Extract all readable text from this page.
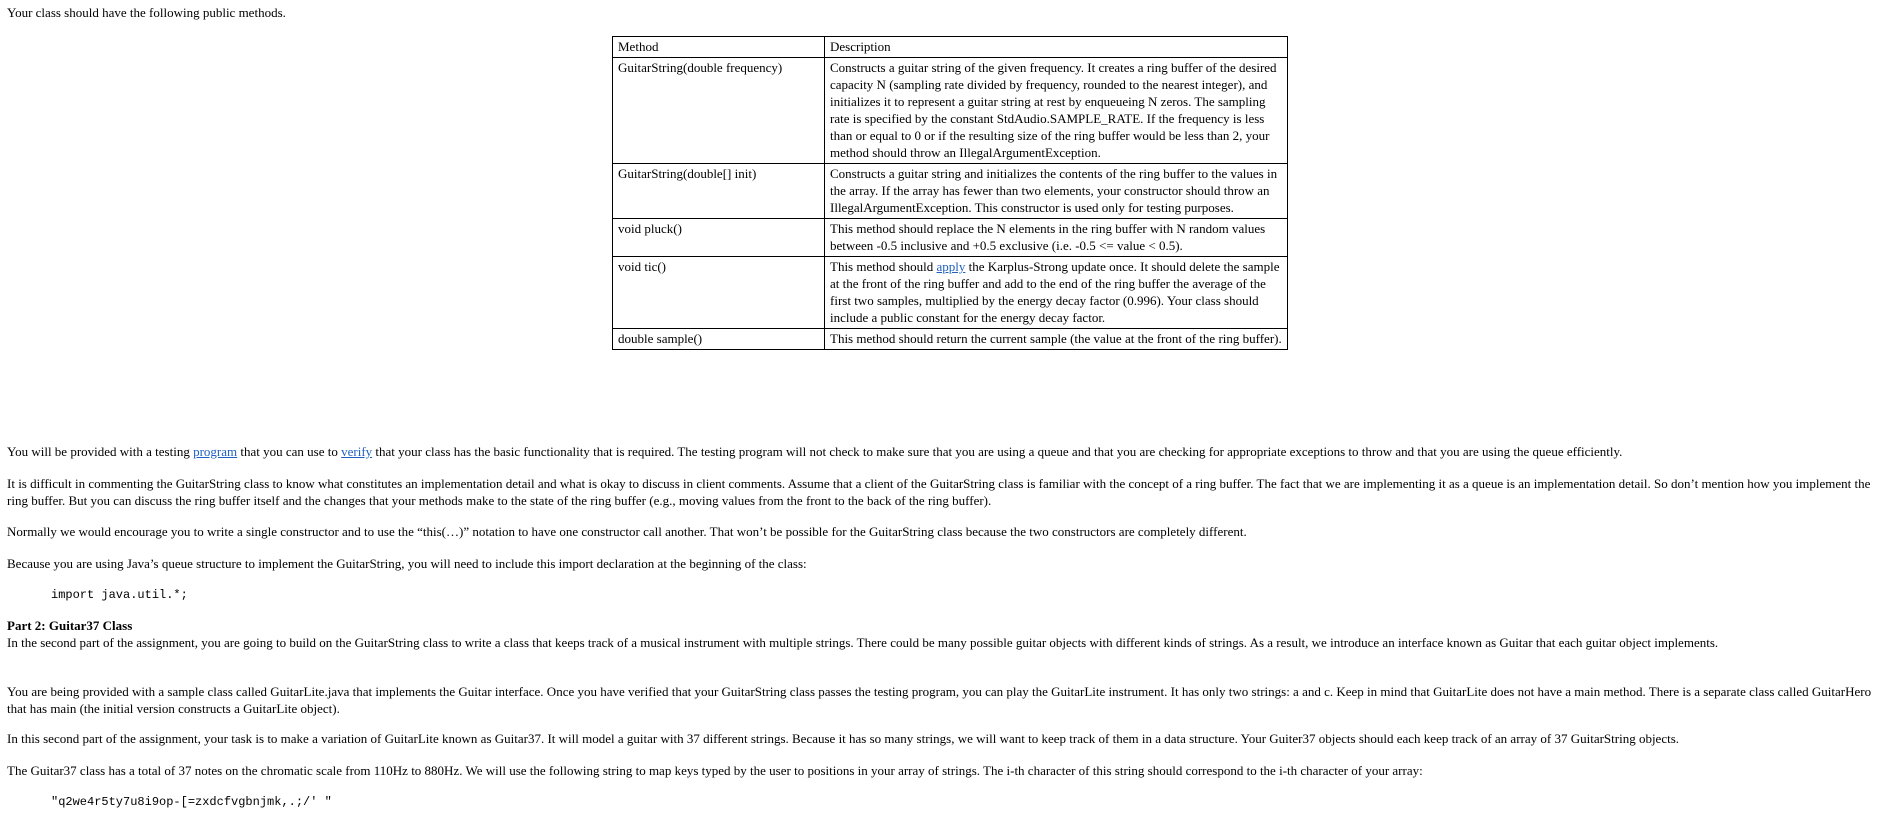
Your class should have the following public methods.

Method	Description
GuitarString(double frequency)	Constructs a guitar string of the given frequency. It creates a ring buffer of the desired capacity N (sampling rate divided by frequency, rounded to the nearest integer), and initializes it to represent a guitar string at rest by enqueueing N zeros. The sampling rate is specified by the constant StdAudio.SAMPLE_RATE. If the frequency is less than or equal to 0 or if the resulting size of the ring buffer would be less than 2, your method should throw an IllegalArgumentException.
GuitarString(double[] init)	Constructs a guitar string and initializes the contents of the ring buffer to the values in the array. If the array has fewer than two elements, your constructor should throw an IllegalArgumentException. This constructor is used only for testing purposes.
void pluck()	This method should replace the N elements in the ring buffer with N random values between -0.5 inclusive and +0.5 exclusive (i.e. -0.5 <= value < 0.5).
void tic()	This method should apply the Karplus-Strong update once. It should delete the sample at the front of the ring buffer and add to the end of the ring buffer the average of the first two samples, multiplied by the energy decay factor (0.996). Your class should include a public constant for the energy decay factor.
double sample()	This method should return the current sample (the value at the front of the ring buffer).

You will be provided with a testing program that you can use to verify that your class has the basic functionality that is required. The testing program will not check to make sure that you are using a queue and that you are checking for appropriate exceptions to throw and that you are using the queue efficiently.

It is difficult in commenting the GuitarString class to know what constitutes an implementation detail and what is okay to discuss in client comments. Assume that a client of the GuitarString class is familiar with the concept of a ring buffer. The fact that we are implementing it as a queue is an implementation detail. So don’t mention how you implement the ring buffer. But you can discuss the ring buffer itself and the changes that your methods make to the state of the ring buffer (e.g., moving values from the front to the back of the ring buffer).

Normally we would encourage you to write a single constructor and to use the “this(…)” notation to have one constructor call another. That won’t be possible for the GuitarString class because the two constructors are completely different.

Because you are using Java’s queue structure to implement the GuitarString, you will need to include this import declaration at the beginning of the class:

import java.util.*;

Part 2: Guitar37 Class
In the second part of the assignment, you are going to build on the GuitarString class to write a class that keeps track of a musical instrument with multiple strings. There could be many possible guitar objects with different kinds of strings. As a result, we introduce an interface known as Guitar that each guitar object implements.

You are being provided with a sample class called GuitarLite.java that implements the Guitar interface. Once you have verified that your GuitarString class passes the testing program, you can play the GuitarLite instrument. It has only two strings: a and c. Keep in mind that GuitarLite does not have a main method. There is a separate class called GuitarHero that has main (the initial version constructs a GuitarLite object).

In this second part of the assignment, your task is to make a variation of GuitarLite known as Guitar37. It will model a guitar with 37 different strings. Because it has so many strings, we will want to keep track of them in a data structure. Your Guiter37 objects should each keep track of an array of 37 GuitarString objects.

The Guitar37 class has a total of 37 notes on the chromatic scale from 110Hz to 880Hz. We will use the following string to map keys typed by the user to positions in your array of strings. The i-th character of this string should correspond to the i-th character of your array:

"q2we4r5ty7u8i9op-[=zxdcfvgbnjmk,.;/' "
